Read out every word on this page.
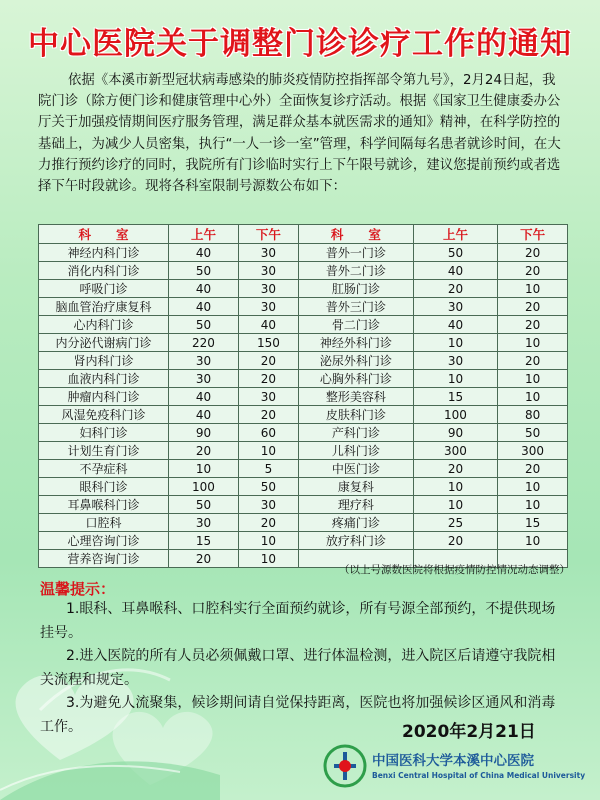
中心医院关于调整门诊诊疗工作的通知

依据《本溪市新型冠状病毒感染的肺炎疫情防控指挥部令第九号》，2月24日起，我院门诊（除方便门诊和健康管理中心外）全面恢复诊疗活动。根据《国家卫生健康委办公厅关于加强疫情期间医疗服务管理，满足群众基本就医需求的通知》精神，在科学防控的基础上，为减少人员密集，执行“一人一诊一室”管理，科学间隔每名患者就诊时间，在大力推行预约诊疗的同时，我院所有门诊临时实行上下午限号就诊，建议您提前预约或者选择下午时段就诊。现将各科室限制号源数公布如下：

科　　室	上午	下午	科　　室	上午	下午
神经内科门诊	40	30	普外一门诊	50	20
消化内科门诊	50	30	普外二门诊	40	20
呼吸门诊	40	30	肛肠门诊	20	10
脑血管治疗康复科	40	30	普外三门诊	30	20
心内科门诊	50	40	骨二门诊	40	20
内分泌代谢病门诊	220	150	神经外科门诊	10	10
肾内科门诊	30	20	泌尿外科门诊	30	20
血液内科门诊	30	20	心胸外科门诊	10	10
肿瘤内科门诊	40	30	整形美容科	15	10
风湿免疫科门诊	40	20	皮肤科门诊	100	80
妇科门诊	90	60	产科门诊	90	50
计划生育门诊	20	10	儿科门诊	300	300
不孕症科	10	5	中医门诊	20	20
眼科门诊	100	50	康复科	10	10
耳鼻喉科门诊	50	30	理疗科	10	10
口腔科	30	20	疼痛门诊	25	15
心理咨询门诊	15	10	放疗科门诊	20	10
营养咨询门诊	20	10			
（以上号源数医院将根据疫情防控情况动态调整）
温馨提示：

1.眼科、耳鼻喉科、口腔科实行全面预约就诊，所有号源全部预约，不提供现场挂号。

2.进入医院的所有人员必须佩戴口罩、进行体温检测，进入院区后请遵守我院相关流程和规定。

3.为避免人流聚集，候诊期间请自觉保持距离，医院也将加强候诊区通风和消毒工作。	2020年2月21日
中国医科大学本溪中心医院
Benxi Central Hospital of China Medical University
